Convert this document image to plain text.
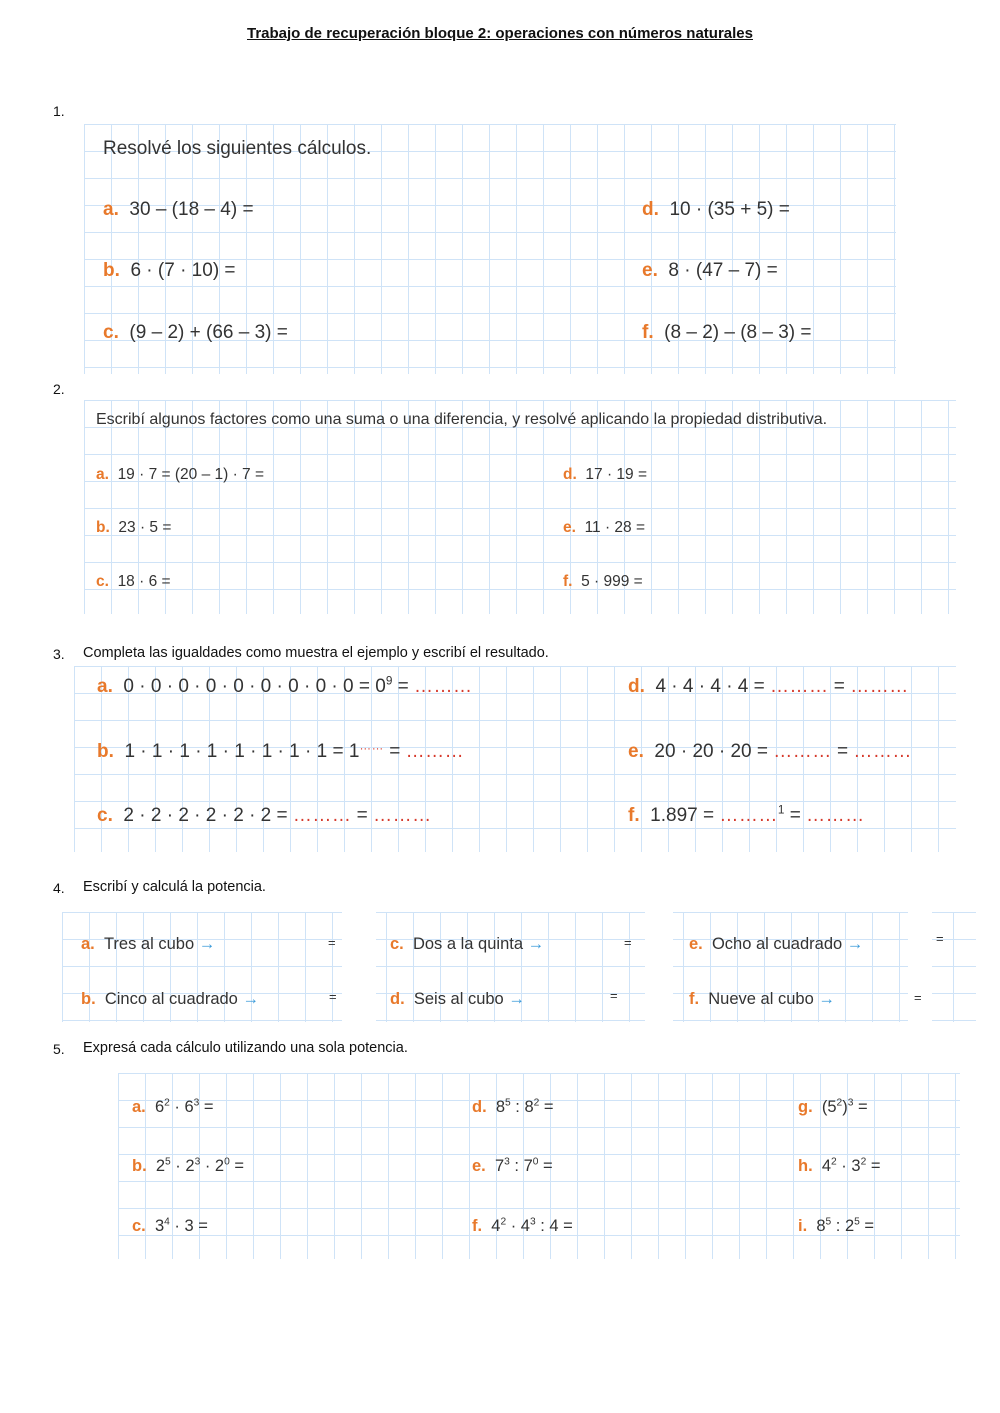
Trabajo de recuperación bloque 2: operaciones con números naturales
1.
Resolvé los siguientes cálculos.
a. 30 – (18 – 4) =
b. 6 · (7 · 10) =
c. (9 – 2) + (66 – 3) =
d. 10 · (35 + 5) =
e. 8 · (47 – 7) =
f. (8 – 2) – (8 – 3) =
2.
Escribí algunos factores como una suma o una diferencia, y resolvé aplicando la propiedad distributiva.
a. 19 · 7 = (20 – 1) · 7 =
b. 23 · 5 =
c. 18 · 6 =
d. 17 · 19 =
e. 11 · 28 =
f. 5 · 999 =
3. Completa las igualdades como muestra el ejemplo y escribí el resultado.
a. $0 \cdot 0 \cdot 0 \cdot 0 \cdot 0 \cdot 0 \cdot 0 \cdot 0 \cdot 0 = 0^9$ = ………
b. 1 · 1 · 1 · 1 · 1 · 1 · 1 · 1 = 1…… = ………
c. 2 · 2 · 2 · 2 · 2 · 2 = ……… = ………
d. 4 · 4 · 4 · 4 = ……… = ………
e. 20 · 20 · 20 = ……… = ………
f. 1.897 = ………$^1$ = ………
4. Escribí y calculá la potencia.
a. Tres al cubo →
b. Cinco al cuadrado →
c. Dos a la quinta →
d. Seis al cubo →
e. Ocho al cuadrado →
f. Nueve al cubo →
=
=
=
=
=
=
5. Expresá cada cálculo utilizando una sola potencia.
a. $6^2 \cdot 6^3$ =
b. $2^5 \cdot 2^3 \cdot 2^0$ =
c. $3^4 \cdot 3$ =
d. $8^5$ : $8^2$ =
e. $7^3$ : $7^0$ =
f. $4^2 \cdot 4^3$ : 4 =
g. $(5^2)^3$ =
h. $4^2 \cdot 3^2$ =
i. $8^5$ : $2^5$ =
